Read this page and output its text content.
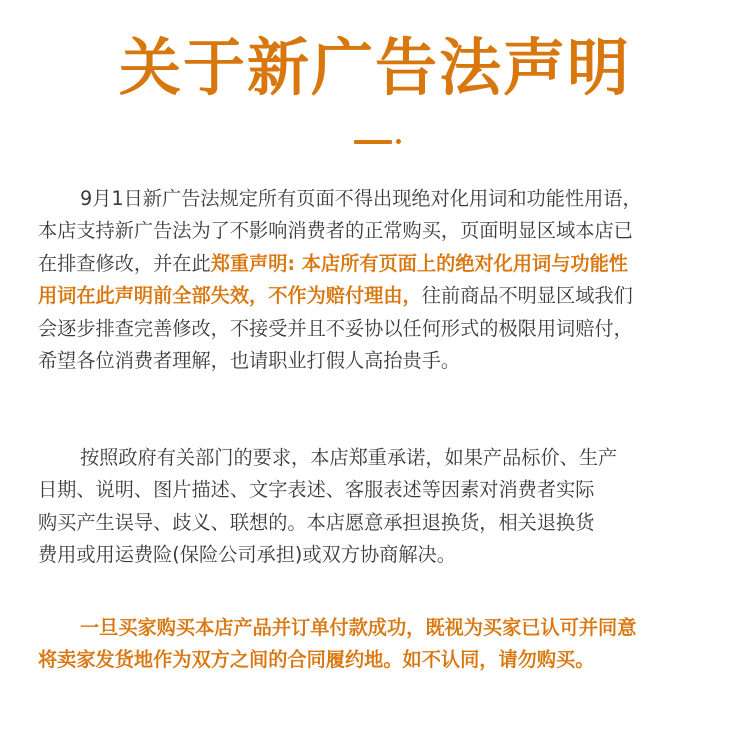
关于新广告法声明
9月1日新广告法规定所有页面不得出现绝对化用词和功能性用语，
本店支持新广告法为了不影响消费者的正常购买，页面明显区域本店已
在排查修改，并在此郑重声明: 本店所有页面上的绝对化用词与功能性
用词在此声明前全部失效，不作为赔付理由，往前商品不明显区域我们
会逐步排查完善修改，不接受并且不妥协以任何形式的极限用词赔付，
希望各位消费者理解，也请职业打假人高抬贵手。
按照政府有关部门的要求，本店郑重承诺，如果产品标价、生产
日期、说明、图片描述、文字表述、客服表述等因素对消费者实际
购买产生误导、歧义、联想的。本店愿意承担退换货，相关退换货
费用或用运费险(保险公司承担)或双方协商解决。
一旦买家购买本店产品并订单付款成功，既视为买家已认可并同意
将卖家发货地作为双方之间的合同履约地。如不认同，请勿购买。
